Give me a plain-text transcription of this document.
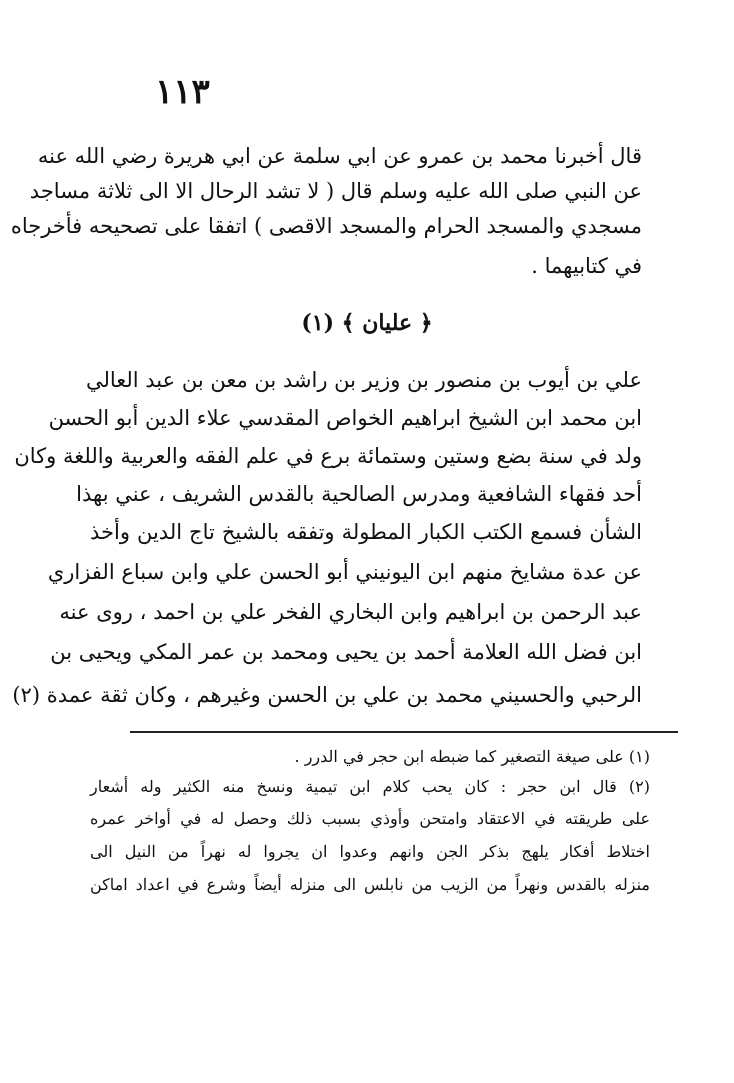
١١٣
قال أخبرنا محمد بن عمرو عن ابي سلمة عن ابي هريرة رضي الله عنه
عن النبي صلى الله عليه وسلم قال ( لا تشد الرحال الا الى ثلاثة مساجد
مسجدي والمسجد الحرام والمسجد الاقصى ) اتفقا على تصحيحه فأخرجاه
في كتابيهما .
﴿ عليان ﴾ (١)
علي بن أيوب بن منصور بن وزير بن راشد بن معن بن عبد العالي
ابن محمد ابن الشيخ ابراهيم الخواص المقدسي علاء الدين أبو الحسن
ولد في سنة بضع وستين وستمائة برع في علم الفقه والعربية واللغة وكان
أحد فقهاء الشافعية ومدرس الصالحية بالقدس الشريف ، عني بهذا
الشأن فسمع الكتب الكبار المطولة وتفقه بالشيخ تاج الدين وأخذ
عن عدة مشايخ منهم ابن اليونيني أبو الحسن علي وابن سباع الفزاري
عبد الرحمن بن ابراهيم وابن البخاري الفخر علي بن احمد ، روى عنه
ابن فضل الله العلامة أحمد بن يحيى ومحمد بن عمر المكي ويحيى بن
الرحبي والحسيني محمد بن علي بن الحسن وغيرهم ، وكان ثقة عمدة (٢)
(١) على صيغة التصغير كما ضبطه ابن حجر في الدرر .
(٢) قال ابن حجر : كان يحب كلام ابن تيمية ونسخ منه الكثير وله أشعار
على طريقته في الاعتقاد وامتحن وأوذي بسبب ذلك وحصل له في أواخر عمره
اختلاط أفكار يلهج بذكر الجن وانهم وعدوا ان يجروا له نهراً من النيل الى
منزله بالقدس ونهراً من الزيب من نابلس الى منزله أيضاً وشرع في اعداد اماكن
